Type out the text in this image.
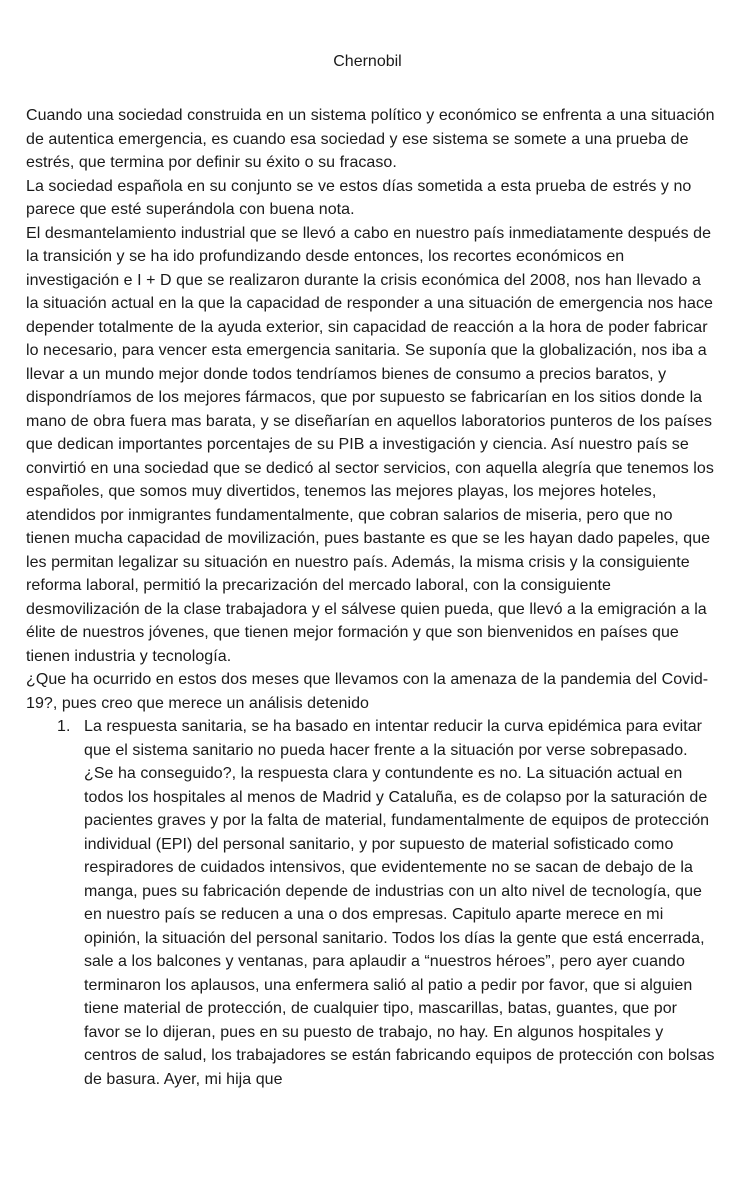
Chernobil

Cuando una sociedad construida en un sistema político y económico se enfrenta a una situación de autentica emergencia, es cuando esa sociedad y ese sistema se somete a una prueba de estrés, que termina por definir su éxito o su fracaso.

La sociedad española en su conjunto se ve estos días sometida a esta prueba de estrés y no parece que esté superándola con buena nota.

El desmantelamiento industrial que se llevó a cabo en nuestro país inmediatamente después de la transición y se ha ido profundizando desde entonces, los recortes económicos en investigación e I + D que se realizaron durante la crisis económica del 2008, nos han llevado a la situación actual en la que la capacidad de responder a una situación de emergencia nos hace depender totalmente de la ayuda exterior, sin capacidad de reacción a la hora de poder fabricar lo necesario, para vencer esta emergencia sanitaria. Se suponía que la globalización, nos iba a llevar a un mundo mejor donde todos tendríamos bienes de consumo a precios baratos, y dispondríamos de los mejores fármacos, que por supuesto se fabricarían en los sitios donde la mano de obra fuera mas barata, y se diseñarían en aquellos laboratorios punteros de los países que dedican importantes porcentajes de su PIB a investigación y ciencia. Así nuestro país se convirtió en una sociedad que se dedicó al sector servicios, con aquella alegría que tenemos los españoles, que somos muy divertidos, tenemos las mejores playas, los mejores hoteles, atendidos por inmigrantes fundamentalmente, que cobran salarios de miseria, pero que no tienen mucha capacidad de movilización, pues bastante es que se les hayan dado papeles, que les permitan legalizar su situación en nuestro país. Además, la misma crisis y la consiguiente reforma laboral, permitió la precarización del mercado laboral, con la consiguiente desmovilización de la clase trabajadora y el sálvese quien pueda, que llevó a la emigración a la élite de nuestros jóvenes, que tienen mejor formación y que son bienvenidos en países que tienen industria y tecnología.

¿Que ha ocurrido en estos dos meses que llevamos con la amenaza de la pandemia del Covid-19?, pues creo que merece un análisis detenido

1. La respuesta sanitaria, se ha basado en intentar reducir la curva epidémica para evitar que el sistema sanitario no pueda hacer frente a la situación por verse sobrepasado. ¿Se ha conseguido?, la respuesta clara y contundente es no. La situación actual en todos los hospitales al menos de Madrid y Cataluña, es de colapso por la saturación de pacientes graves y por la falta de material, fundamentalmente de equipos de protección individual (EPI) del personal sanitario, y por supuesto de material sofisticado como respiradores de cuidados intensivos, que evidentemente no se sacan de debajo de la manga, pues su fabricación depende de industrias con un alto nivel de tecnología, que en nuestro país se reducen a una o dos empresas. Capitulo aparte merece en mi opinión, la situación del personal sanitario. Todos los días la gente que está encerrada, sale a los balcones y ventanas, para aplaudir a “nuestros héroes”, pero ayer cuando terminaron los aplausos, una enfermera salió al patio a pedir por favor, que si alguien tiene material de protección, de cualquier tipo, mascarillas, batas, guantes, que por favor se lo dijeran, pues en su puesto de trabajo, no hay. En algunos hospitales y centros de salud, los trabajadores se están fabricando equipos de protección con bolsas de basura. Ayer, mi hija que
